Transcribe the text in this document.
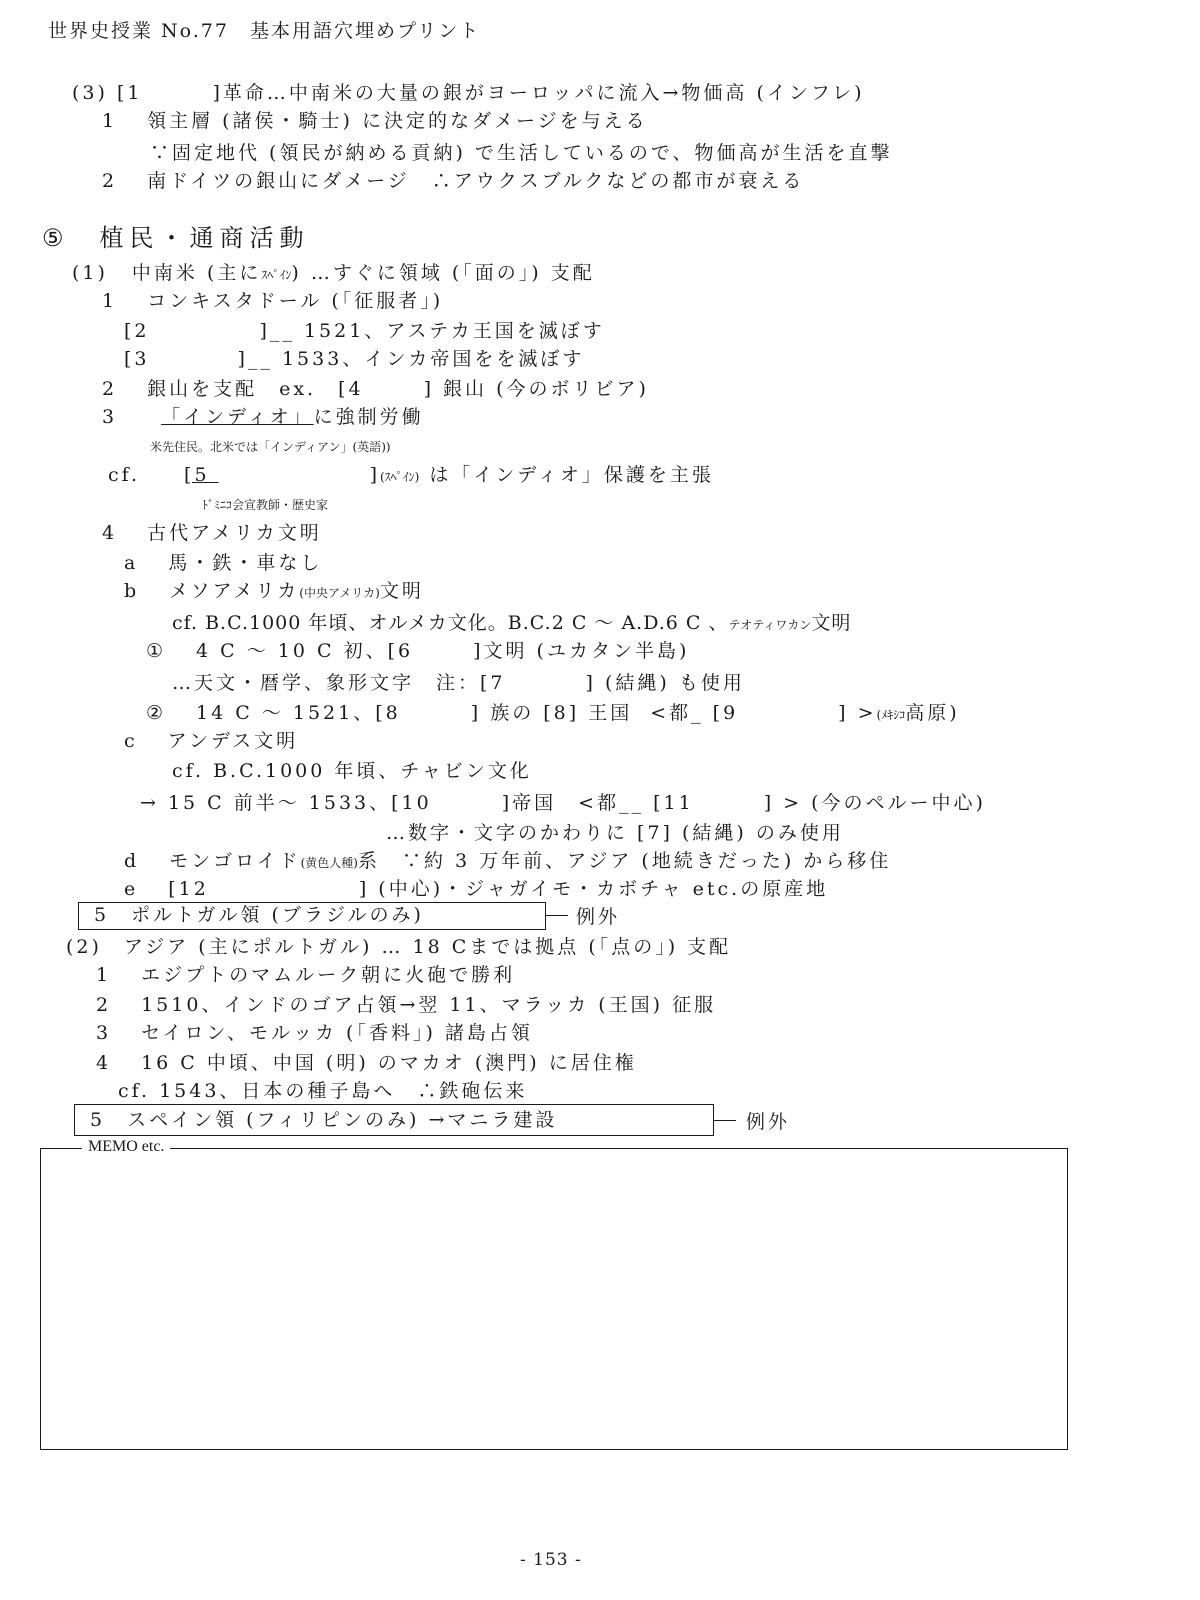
世界史授業 No.77　基本用語穴埋めプリント
(3) [1	]革命…中南米の大量の銀がヨーロッパに流入→物価高 (インフレ)
1 領主層 (諸侯・騎士) に決定的なダメージを与える
∵固定地代 (領民が納める貢納) で生活しているので、物価高が生活を直撃
2 南ドイツの銀山にダメージ　∴アウクスブルクなどの都市が衰える
⑤ 植民・通商活動
(1) 中南米 (主にｽﾍﾟｲﾝ) …すぐに領域 (「面の」) 支配
1 コンキスタドール (「征服者」)
[2	]__ 1521、アステカ王国を滅ぼす
[3	]__ 1533、インカ帝国をを滅ぼす
2 銀山を支配　ex.　[4	] 銀山 (今のボリビア)
3 「インディオ」に強制労働
米先住民。北米では「インディアン」(英語))
cf. [5	](ｽﾍﾟｲﾝ) は「インディオ」保護を主張
ﾄﾞﾐﾆｺ会宣教師・歴史家
4 古代アメリカ文明
a 馬・鉄・車なし
b メソアメリカ(中央アメリカ)文明
cf. B.C.1000 年頃、オルメカ文化。B.C.2 C 〜 A.D.6 C 、テオティワカン文明
① 4 C 〜 10 C 初、[6	]文明 (ユカタン半島)
…天文・暦学、象形文字　注：[7	] (結縄) も使用
② 14 C 〜 1521、[8	] 族の [8] 王国 <都_ [9	] >(ﾒｷｼｺ高原)
c アンデス文明
cf. B.C.1000 年頃、チャビン文化
→ 15 C 前半〜 1533、[10	]帝国　<都__ [11	] > (今のペルー中心)
…数字・文字のかわりに [7] (結縄) のみ使用
d モンゴロイド(黄色人種)系　∵約 3 万年前、アジア (地続きだった) から移住
e [12	] (中心)・ジャガイモ・カボチャ etc.の原産地
5　ポルトガル領 (ブラジルのみ)	例外
(2)　アジア (主にポルトガル) … 18 Cまでは拠点 (「点の」) 支配
1 エジプトのマムルーク朝に火砲で勝利
2 1510、インドのゴア占領→翌 11、マラッカ (王国) 征服
3 セイロン、モルッカ (「香料」) 諸島占領
4 16 C 中頃、中国 (明) のマカオ (澳門) に居住権
cf. 1543、日本の種子島へ　∴鉄砲伝来
5　スペイン領 (フィリピンのみ) →マニラ建設	例外
MEMO etc.
- 153 -
